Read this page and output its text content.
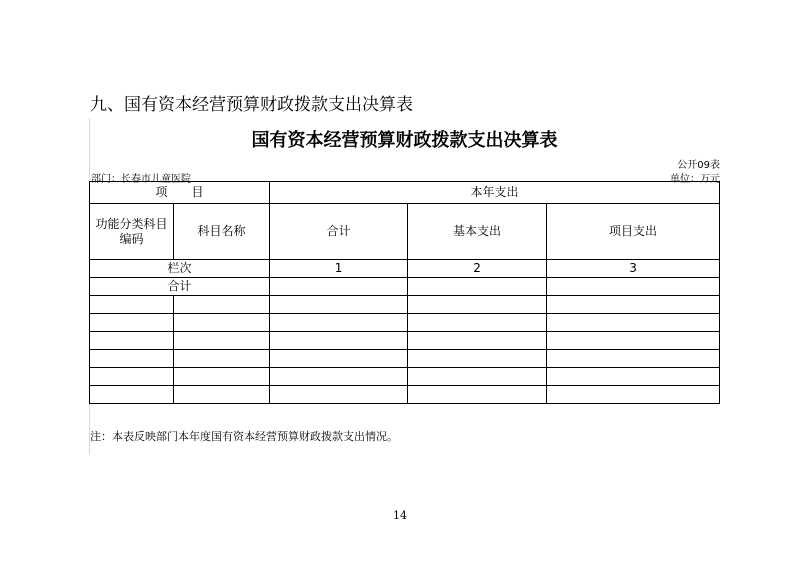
九、国有资本经营预算财政拨款支出决算表
国有资本经营预算财政拨款支出决算表
公开09表
部门：长春市儿童医院	单位：万元
项　　目		本年支出		
功能分类科目编码	科目名称	合计	基本支出	项目支出
栏次		1	2	3
合计				

注：本表反映部门本年度国有资本经营预算财政拨款支出情况。
14
